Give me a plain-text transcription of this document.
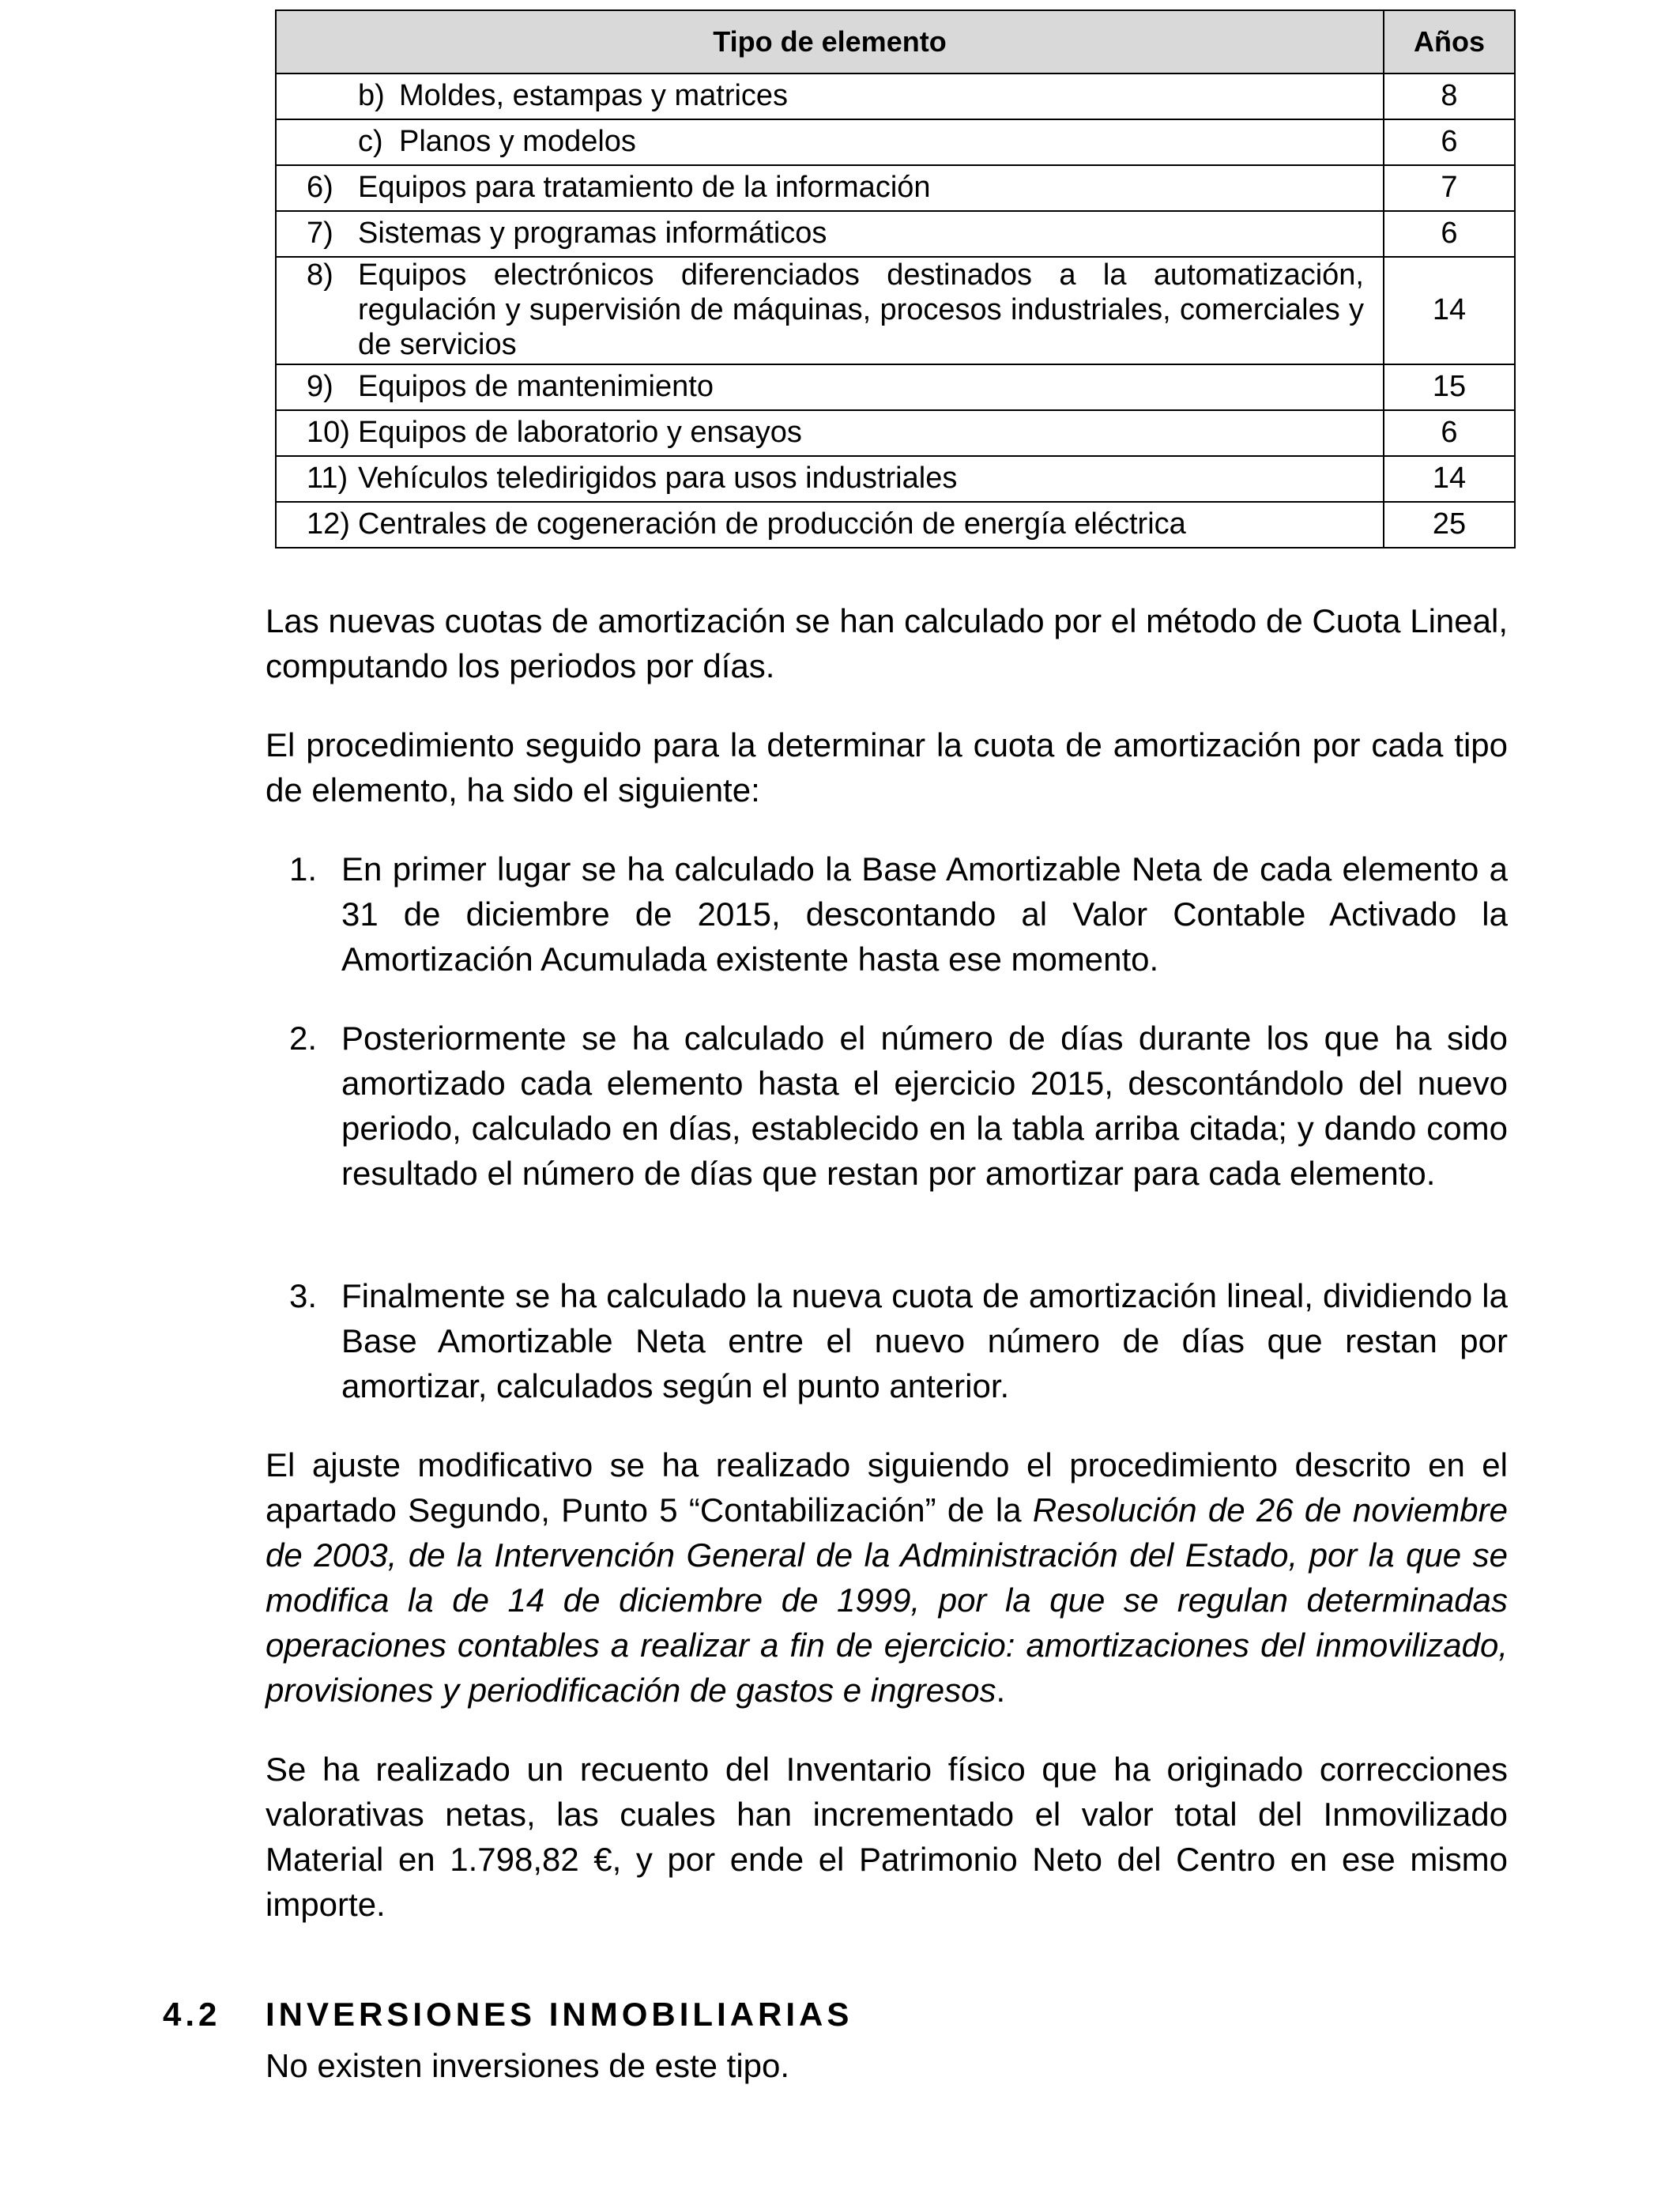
Tipo de elemento	Años

b) Moldes, estampas y matrices	8

c) Planos y modelos	6

6) Equipos para tratamiento de la información	7

7) Sistemas y programas informáticos	6

8) Equipos electrónicos diferenciados destinados a la automatización, regulación y supervisión de máquinas, procesos industriales, comerciales y de servicios	14

9) Equipos de mantenimiento	15

10) Equipos de laboratorio y ensayos	6

11) Vehículos teledirigidos para usos industriales	14

12) Centrales de cogeneración de producción de energía eléctrica	25

Las nuevas cuotas de amortización se han calculado por el método de Cuota Lineal, computando los periodos por días.

El procedimiento seguido para la determinar la cuota de amortización por cada tipo de elemento, ha sido el siguiente:

1. En primer lugar se ha calculado la Base Amortizable Neta de cada elemento a 31 de diciembre de 2015, descontando al Valor Contable Activado la Amortización Acumulada existente hasta ese momento.
2. Posteriormente se ha calculado el número de días durante los que ha sido amortizado cada elemento hasta el ejercicio 2015, descontándolo del nuevo periodo, calculado en días, establecido en la tabla arriba citada; y dando como resultado el número de días que restan por amortizar para cada elemento.
3. Finalmente se ha calculado la nueva cuota de amortización lineal, dividiendo la Base Amortizable Neta entre el nuevo número de días que restan por amortizar, calculados según el punto anterior.

El ajuste modificativo se ha realizado siguiendo el procedimiento descrito en el apartado Segundo, Punto 5 “Contabilización” de la Resolución de 26 de noviembre de 2003, de la Intervención General de la Administración del Estado, por la que se modifica la de 14 de diciembre de 1999, por la que se regulan determinadas operaciones contables a realizar a fin de ejercicio: amortizaciones del inmovilizado, provisiones y periodificación de gastos e ingresos.

Se ha realizado un recuento del Inventario físico que ha originado correcciones valorativas netas, las cuales han incrementado el valor total del Inmovilizado Material en 1.798,82 €, y por ende el Patrimonio Neto del Centro en ese mismo importe.

4.2 INVERSIONES INMOBILIARIAS

No existen inversiones de este tipo.
